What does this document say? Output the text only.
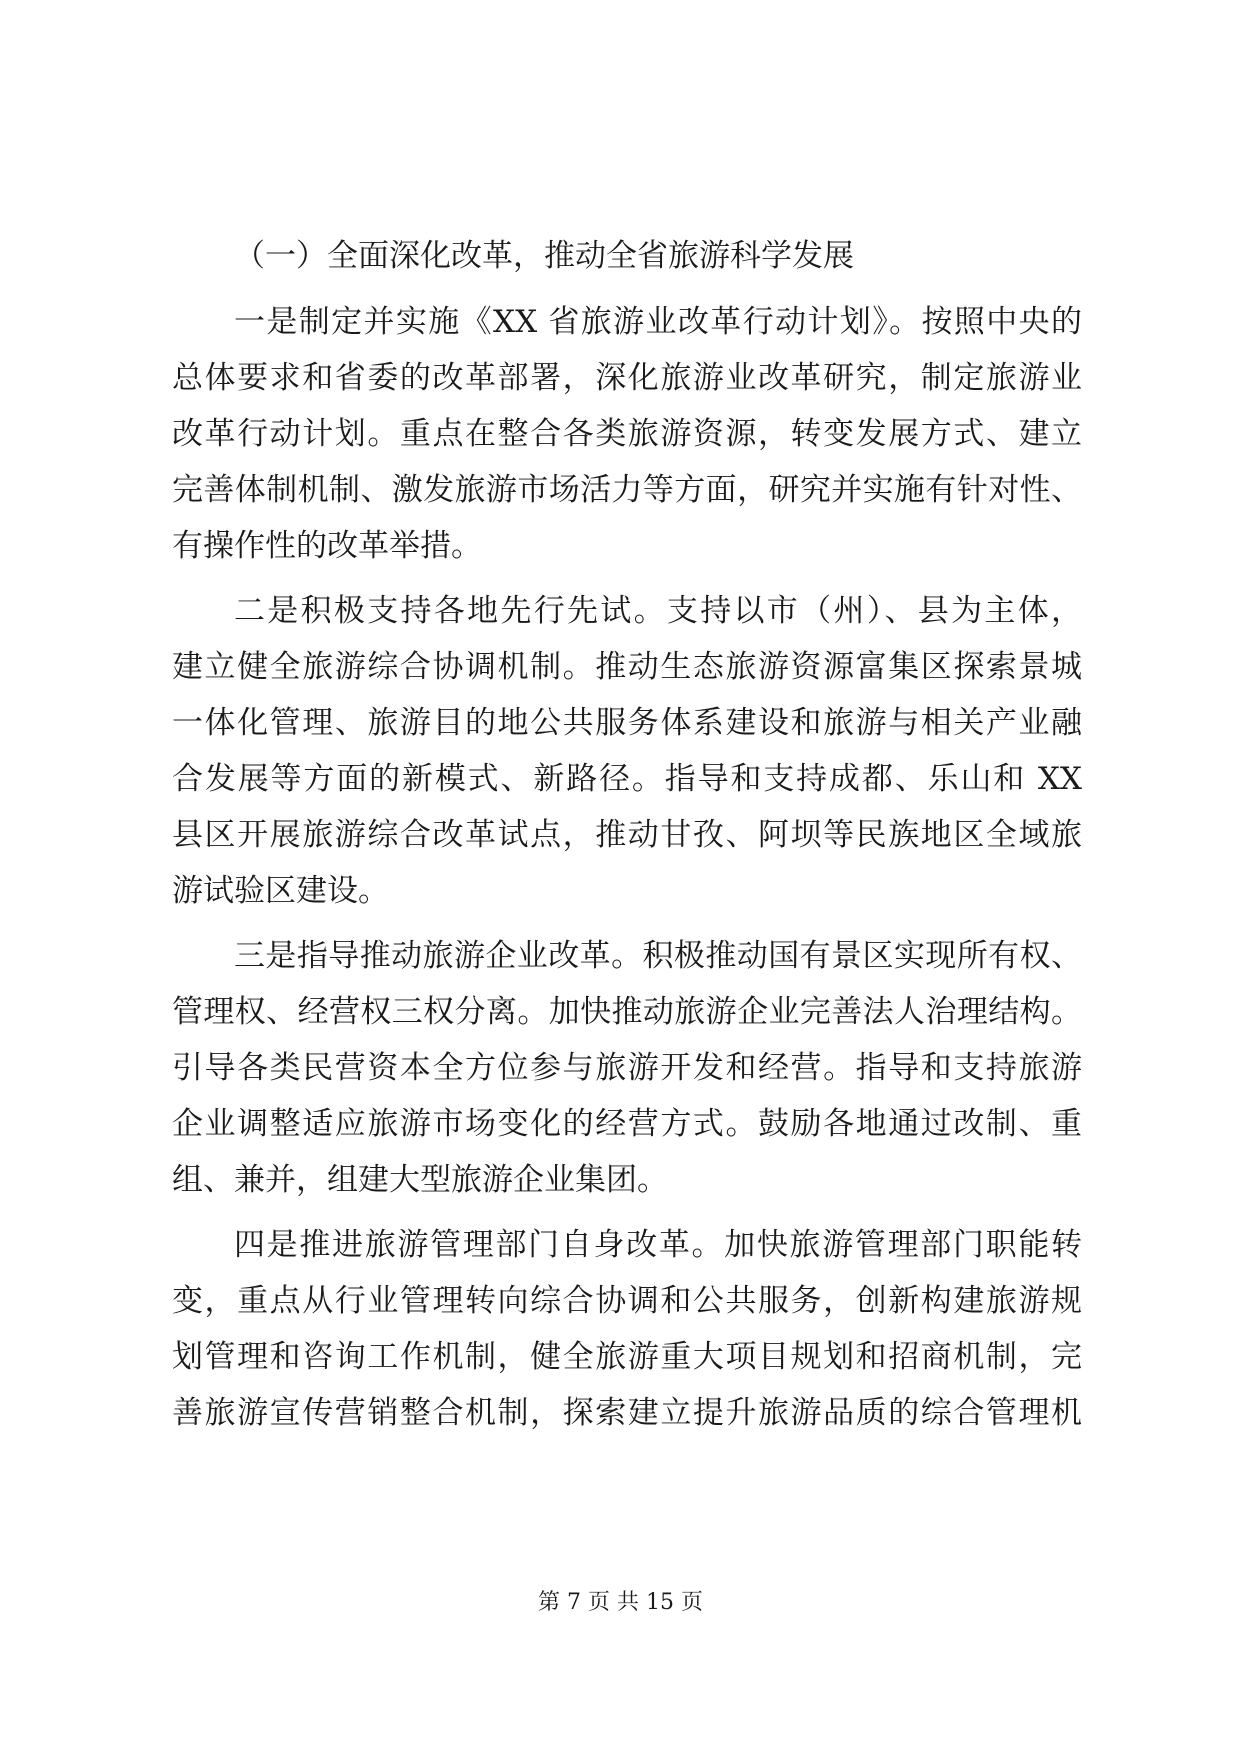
（一）全面深化改革，推动全省旅游科学发展
一是制定并实施《XX 省旅游业改革行动计划》。按照中央的
总体要求和省委的改革部署，深化旅游业改革研究，制定旅游业
改革行动计划。重点在整合各类旅游资源，转变发展方式、建立
完善体制机制、激发旅游市场活力等方面，研究并实施有针对性、
有操作性的改革举措。
二是积极支持各地先行先试。支持以市（州）、县为主体，
建立健全旅游综合协调机制。推动生态旅游资源富集区探索景城
一体化管理、旅游目的地公共服务体系建设和旅游与相关产业融
合发展等方面的新模式、新路径。指导和支持成都、乐山和 XX
县区开展旅游综合改革试点，推动甘孜、阿坝等民族地区全域旅
游试验区建设。
三是指导推动旅游企业改革。积极推动国有景区实现所有权、
管理权、经营权三权分离。加快推动旅游企业完善法人治理结构。
引导各类民营资本全方位参与旅游开发和经营。指导和支持旅游
企业调整适应旅游市场变化的经营方式。鼓励各地通过改制、重
组、兼并，组建大型旅游企业集团。
四是推进旅游管理部门自身改革。加快旅游管理部门职能转
变，重点从行业管理转向综合协调和公共服务，创新构建旅游规
划管理和咨询工作机制，健全旅游重大项目规划和招商机制，完
善旅游宣传营销整合机制，探索建立提升旅游品质的综合管理机
第 7 页 共 15 页
